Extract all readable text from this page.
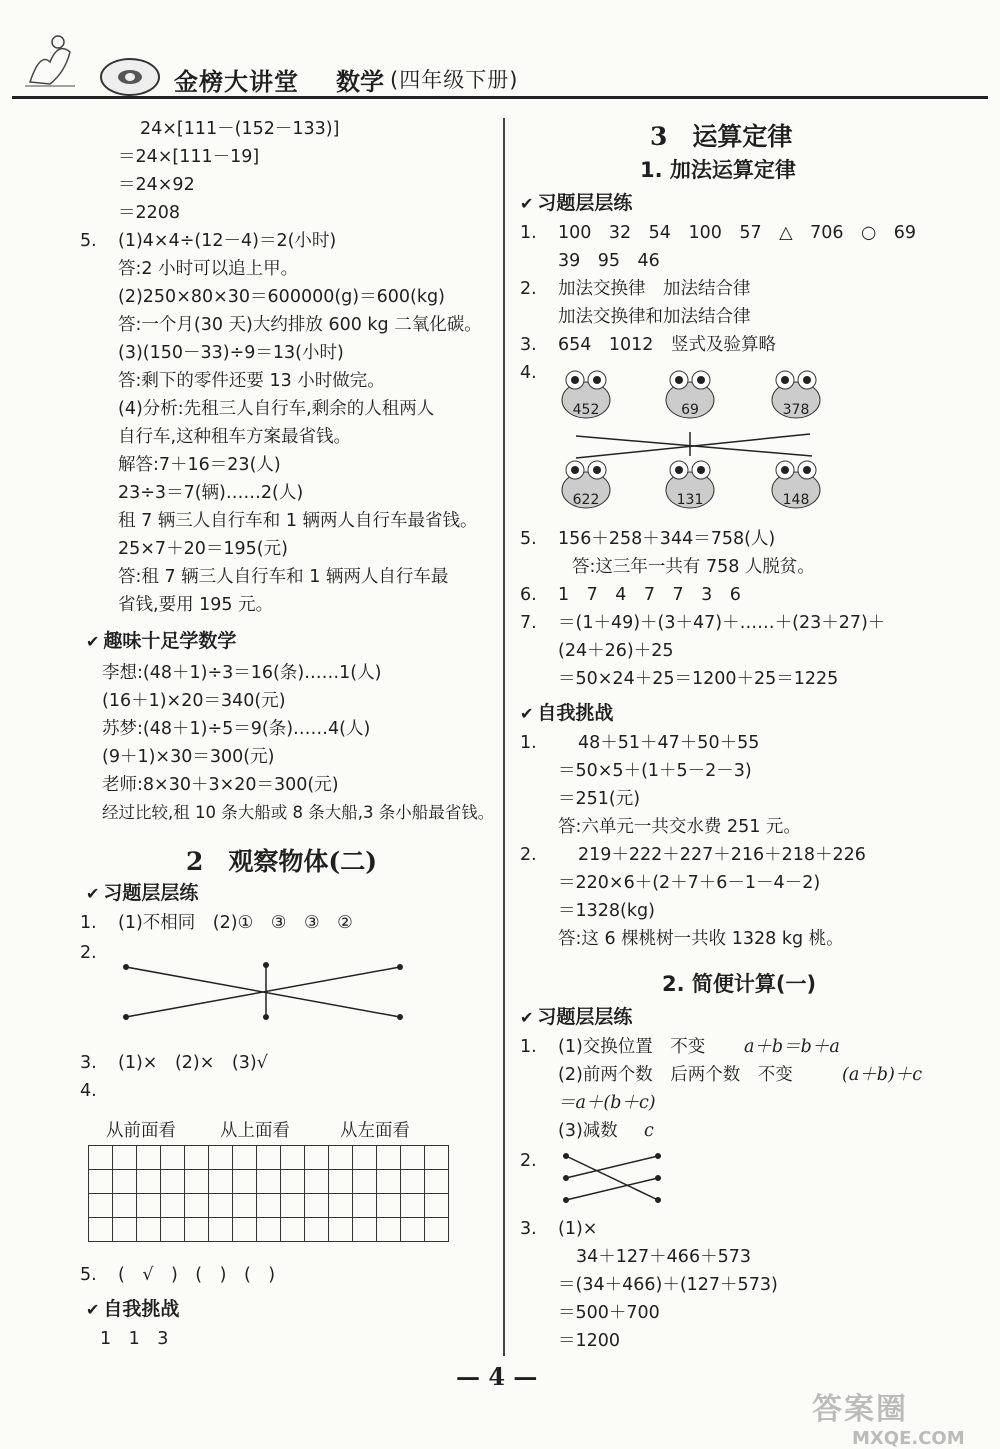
金榜大讲堂 数学 (四年级下册)
24×[111－(152－133)]
＝24×[111－19]
＝24×92
＝2208
5. (1)4×4÷(12－4)＝2(小时)
答:2 小时可以追上甲。
(2)250×80×30＝600000(g)＝600(kg)
答:一个月(30 天)大约排放 600 kg 二氧化碳。
(3)(150－33)÷9＝13(小时)
答:剩下的零件还要 13 小时做完。
(4)分析:先租三人自行车,剩余的人租两人
自行车,这种租车方案最省钱。
解答:7＋16＝23(人)
23÷3＝7(辆)……2(人)
租 7 辆三人自行车和 1 辆两人自行车最省钱。
25×7＋20＝195(元)
答:租 7 辆三人自行车和 1 辆两人自行车最
省钱,要用 195 元。
✔ 趣味十足学数学
李想:(48＋1)÷3＝16(条)……1(人)
(16＋1)×20＝340(元)
苏梦:(48＋1)÷5＝9(条)……4(人)
(9＋1)×30＝300(元)
老师:8×30＋3×20＝300(元)
经过比较,租 10 条大船或 8 条大船,3 条小船最省钱。
2　观察物体(二)
✔ 习题层层练
1. (1)不相同　(2)①　③　③　②
2.
3. (1)×　(2)×　(3)√
4.
从前面看	从上面看	从左面看

5. (　√　)　(　)　(　)
✔ 自我挑战
1　1　3
3　运算定律
1. 加法运算定律
✔ 习题层层练
1. 100　32　54　100　57　△　706　○　69
39　95　46
2. 加法交换律　加法结合律
加法交换律和加法结合律
3. 654　1012　竖式及验算略
4.
452	69	378
622	131	148
5. 156＋258＋344＝758(人)
答:这三年一共有 758 人脱贫。
6. 1　7　4　7　7　3　6
7. ＝(1＋49)＋(3＋47)＋……＋(23＋27)＋
(24＋26)＋25
＝50×24＋25＝1200＋25＝1225
✔ 自我挑战
1. 48＋51＋47＋50＋55
＝50×5＋(1＋5－2－3)
＝251(元)
答:六单元一共交水费 251 元。
2. 219＋222＋227＋216＋218＋226
＝220×6＋(2＋7＋6－1－4－2)
＝1328(kg)
答:这 6 棵桃树一共收 1328 kg 桃。
2. 简便计算(一)
✔ 习题层层练
1. (1)交换位置　不变 a＋b＝b＋a
(2)前两个数　后两个数　不变	(a＋b)＋c
＝a＋(b＋c)
(3)减数 c
2.
3. (1)×
34＋127＋466＋573
＝(34＋466)＋(127＋573)
＝500＋700
＝1200
— 4 —
答案圈
MXQE.COM
